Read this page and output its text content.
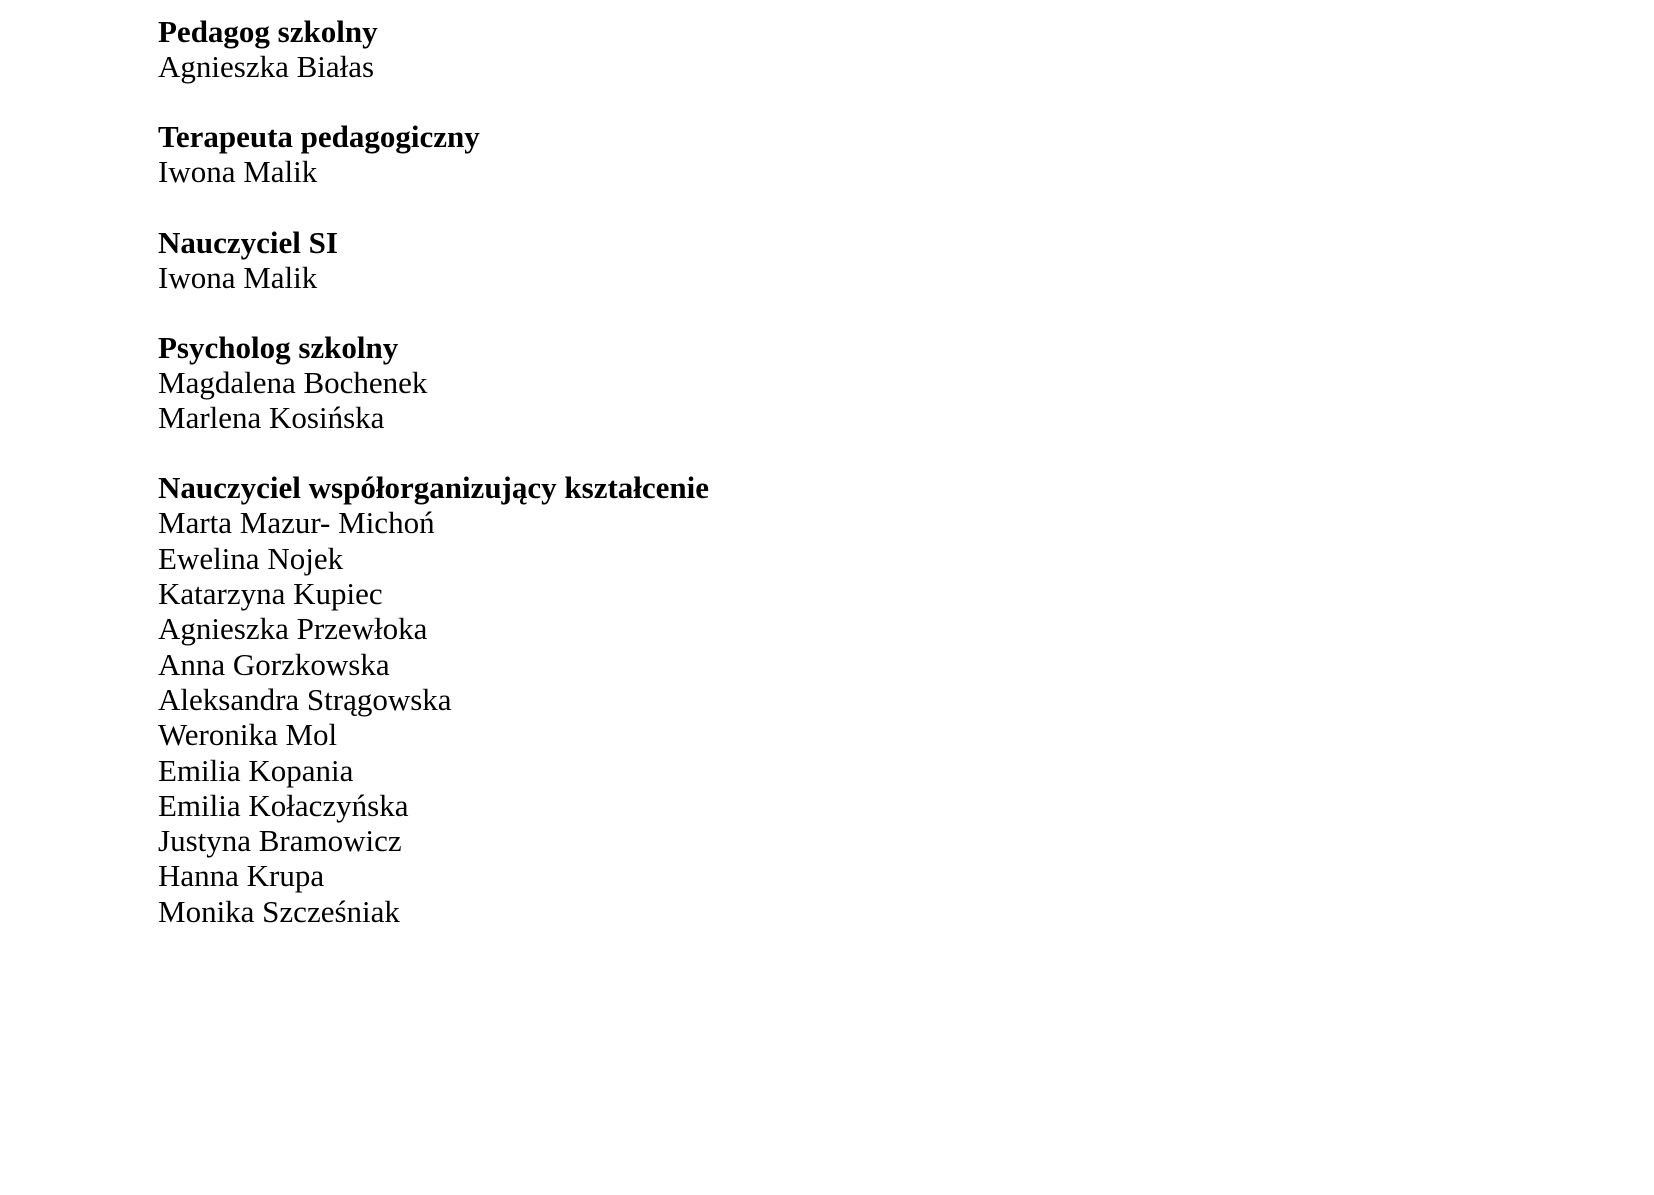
Pedagog szkolny
Agnieszka Białas
Terapeuta pedagogiczny
Iwona Malik
Nauczyciel SI
Iwona Malik
Psycholog szkolny
Magdalena Bochenek
Marlena Kosińska
Nauczyciel współorganizujący kształcenie
Marta Mazur- Michoń
Ewelina Nojek
Katarzyna Kupiec
Agnieszka Przewłoka
Anna Gorzkowska
Aleksandra Strągowska
Weronika Mol
Emilia Kopania
Emilia Kołaczyńska
Justyna Bramowicz
Hanna Krupa
Monika Szcześniak
